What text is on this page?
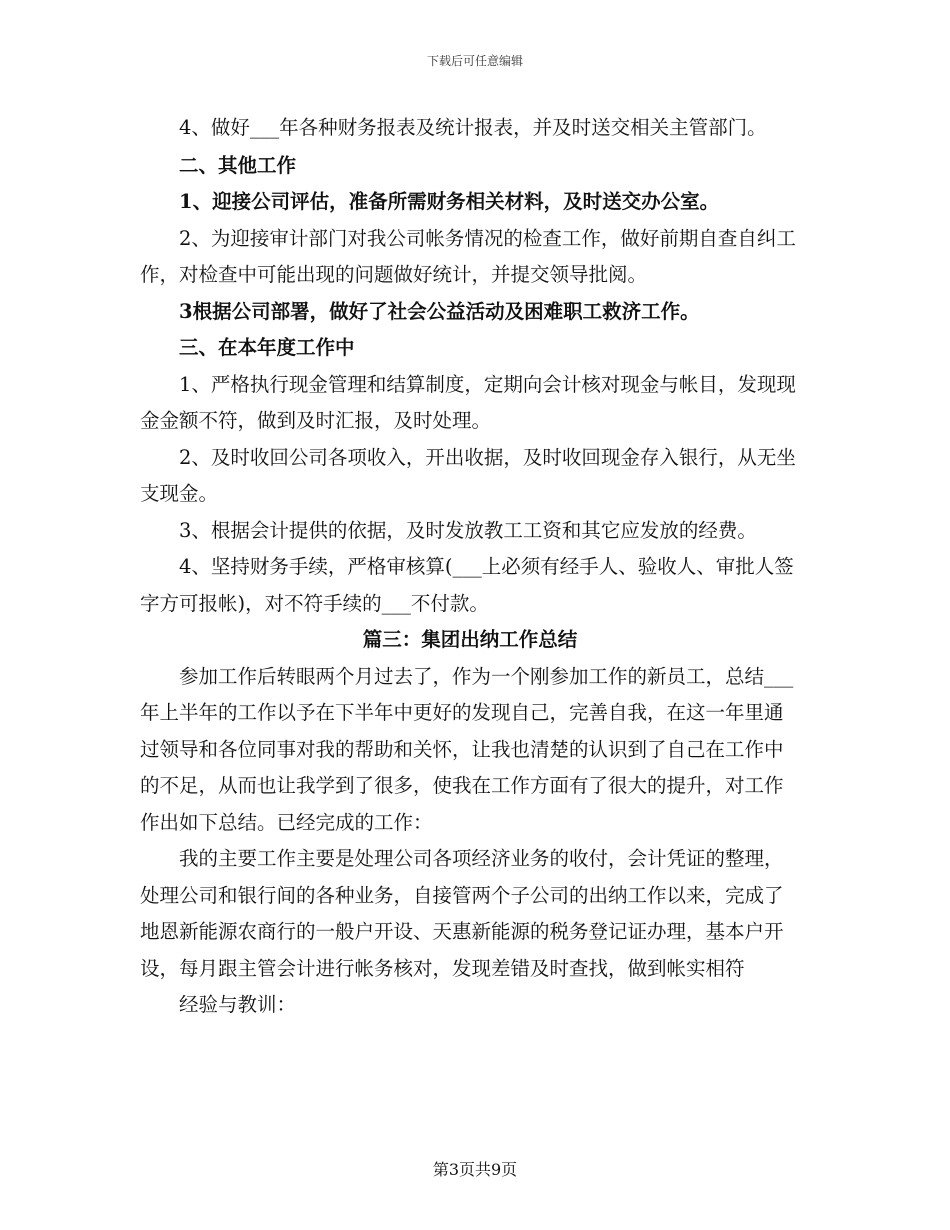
下载后可任意编辑

4、做好___年各种财务报表及统计报表，并及时送交相关主管部门。

二、其他工作

1、迎接公司评估，准备所需财务相关材料，及时送交办公室。

2、为迎接审计部门对我公司帐务情况的检查工作，做好前期自查自纠工作，对检查中可能出现的问题做好统计，并提交领导批阅。

3根据公司部署，做好了社会公益活动及困难职工救济工作。

三、在本年度工作中

1、严格执行现金管理和结算制度，定期向会计核对现金与帐目，发现现金金额不符，做到及时汇报，及时处理。

2、及时收回公司各项收入，开出收据，及时收回现金存入银行，从无坐支现金。

3、根据会计提供的依据，及时发放教工工资和其它应发放的经费。

4、坚持财务手续，严格审核算(___上必须有经手人、验收人、审批人签字方可报帐)，对不符手续的___不付款。

篇三：集团出纳工作总结

参加工作后转眼两个月过去了，作为一个刚参加工作的新员工，总结___年上半年的工作以予在下半年中更好的发现自己，完善自我，在这一年里通过领导和各位同事对我的帮助和关怀，让我也清楚的认识到了自己在工作中的不足，从而也让我学到了很多，使我在工作方面有了很大的提升，对工作作出如下总结。已经完成的工作：

我的主要工作主要是处理公司各项经济业务的收付，会计凭证的整理，处理公司和银行间的各种业务，自接管两个子公司的出纳工作以来，完成了地恩新能源农商行的一般户开设、天惠新能源的税务登记证办理，基本户开设，每月跟主管会计进行帐务核对，发现差错及时查找，做到帐实相符

经验与教训：

第3页共9页
